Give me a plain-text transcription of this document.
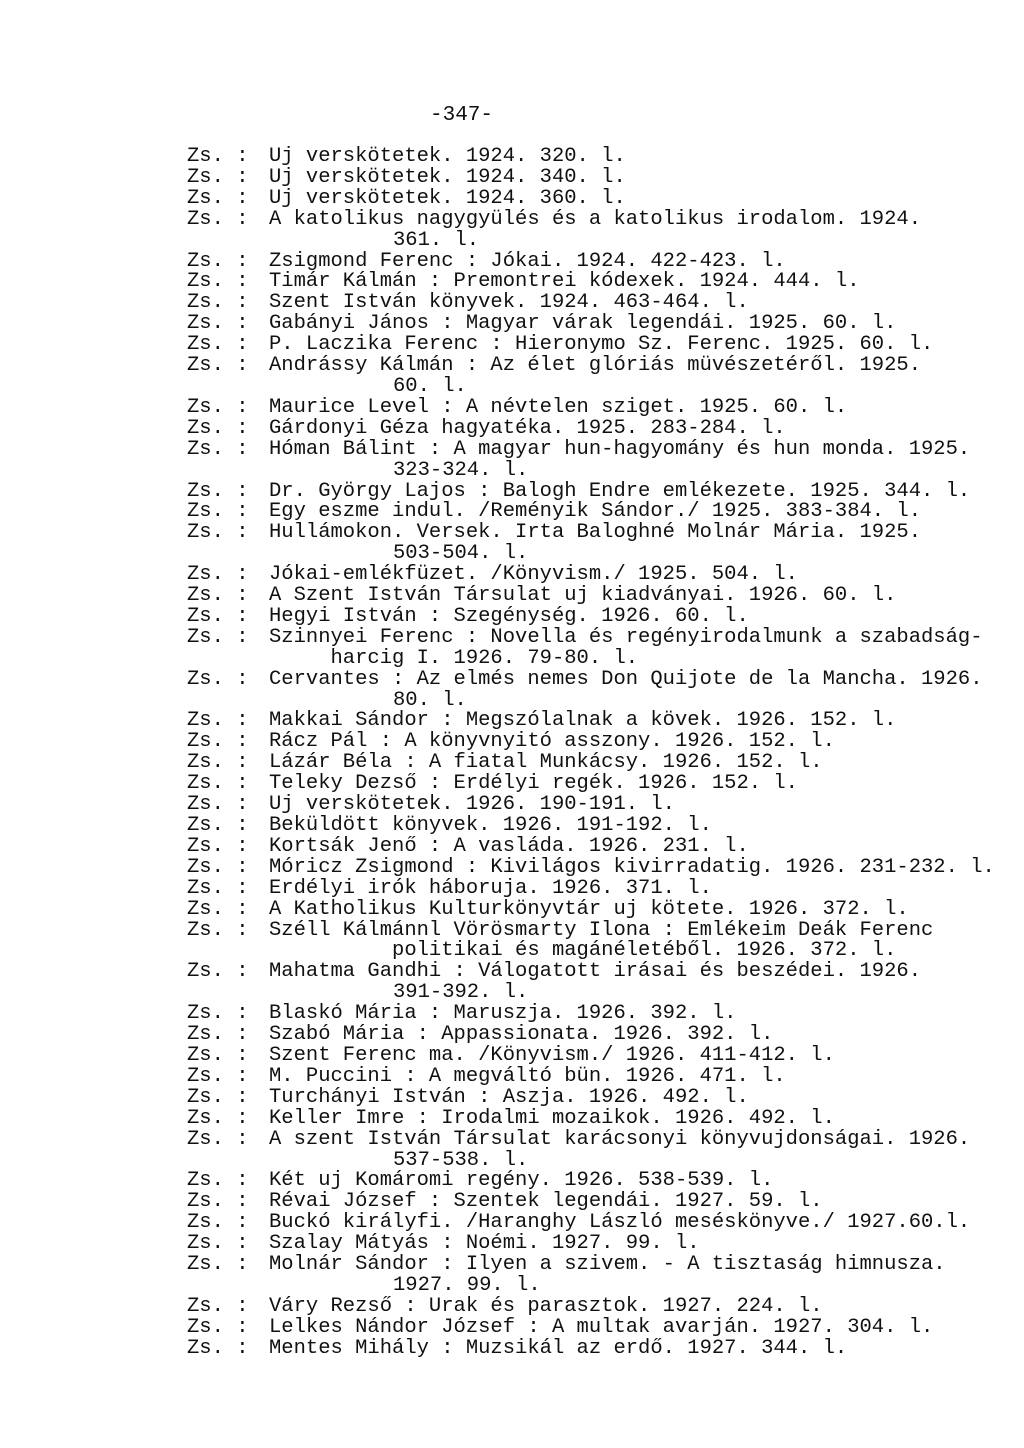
-347-
Zs. : Uj verskötetek. 1924. 320. l.
Zs. : Uj verskötetek. 1924. 340. l.
Zs. : Uj verskötetek. 1924. 360. l.
Zs. : A katolikus nagygyülés és a katolikus irodalom. 1924.
361. l.
Zs. : Zsigmond Ferenc : Jókai. 1924. 422-423. l.
Zs. : Timár Kálmán : Premontrei kódexek. 1924. 444. l.
Zs. : Szent István könyvek. 1924. 463-464. l.
Zs. : Gabányi János : Magyar várak legendái. 1925. 60. l.
Zs. : P. Laczika Ferenc : Hieronymo Sz. Ferenc. 1925. 60. l.
Zs. : Andrássy Kálmán : Az élet glóriás müvészetéről. 1925.
60. l.
Zs. : Maurice Level : A névtelen sziget. 1925. 60. l.
Zs. : Gárdonyi Géza hagyatéka. 1925. 283-284. l.
Zs. : Hóman Bálint : A magyar hun-hagyomány és hun monda. 1925.
323-324. l.
Zs. : Dr. György Lajos : Balogh Endre emlékezete. 1925. 344. l.
Zs. : Egy eszme indul. /Reményik Sándor./ 1925. 383-384. l.
Zs. : Hullámokon. Versek. Irta Baloghné Molnár Mária. 1925.
503-504. l.
Zs. : Jókai-emlékfüzet. /Könyvism./ 1925. 504. l.
Zs. : A Szent István Társulat uj kiadványai. 1926. 60. l.
Zs. : Hegyi István : Szegénység. 1926. 60. l.
Zs. : Szinnyei Ferenc : Novella és regényirodalmunk a szabadság-
harcig I. 1926. 79-80. l.
Zs. : Cervantes : Az elmés nemes Don Quijote de la Mancha. 1926.
80. l.
Zs. : Makkai Sándor : Megszólalnak a kövek. 1926. 152. l.
Zs. : Rácz Pál : A könyvnyitó asszony. 1926. 152. l.
Zs. : Lázár Béla : A fiatal Munkácsy. 1926. 152. l.
Zs. : Teleky Dezső : Erdélyi regék. 1926. 152. l.
Zs. : Uj verskötetek. 1926. 190-191. l.
Zs. : Beküldött könyvek. 1926. 191-192. l.
Zs. : Kortsák Jenő : A vasláda. 1926. 231. l.
Zs. : Móricz Zsigmond : Kivilágos kivirradatig. 1926. 231-232. l.
Zs. : Erdélyi irók háboruja. 1926. 371. l.
Zs. : A Katholikus Kulturkönyvtár uj kötete. 1926. 372. l.
Zs. : Széll Kálmánnl Vörösmarty Ilona : Emlékeim Deák Ferenc
politikai és magánéletéből. 1926. 372. l.
Zs. : Mahatma Gandhi : Válogatott irásai és beszédei. 1926.
391-392. l.
Zs. : Blaskó Mária : Maruszja. 1926. 392. l.
Zs. : Szabó Mária : Appassionata. 1926. 392. l.
Zs. : Szent Ferenc ma. /Könyvism./ 1926. 411-412. l.
Zs. : M. Puccini : A megváltó bün. 1926. 471. l.
Zs. : Turchányi István : Aszja. 1926. 492. l.
Zs. : Keller Imre : Irodalmi mozaikok. 1926. 492. l.
Zs. : A szent István Társulat karácsonyi könyvujdonságai. 1926.
537-538. l.
Zs. : Két uj Komáromi regény. 1926. 538-539. l.
Zs. : Révai József : Szentek legendái. 1927. 59. l.
Zs. : Buckó királyfi. /Haranghy László meséskönyve./ 1927.60.l.
Zs. : Szalay Mátyás : Noémi. 1927. 99. l.
Zs. : Molnár Sándor : Ilyen a szivem. - A tisztaság himnusza.
1927. 99. l.
Zs. : Váry Rezső : Urak és parasztok. 1927. 224. l.
Zs. : Lelkes Nándor József : A multak avarján. 1927. 304. l.
Zs. : Mentes Mihály : Muzsikál az erdő. 1927. 344. l.
